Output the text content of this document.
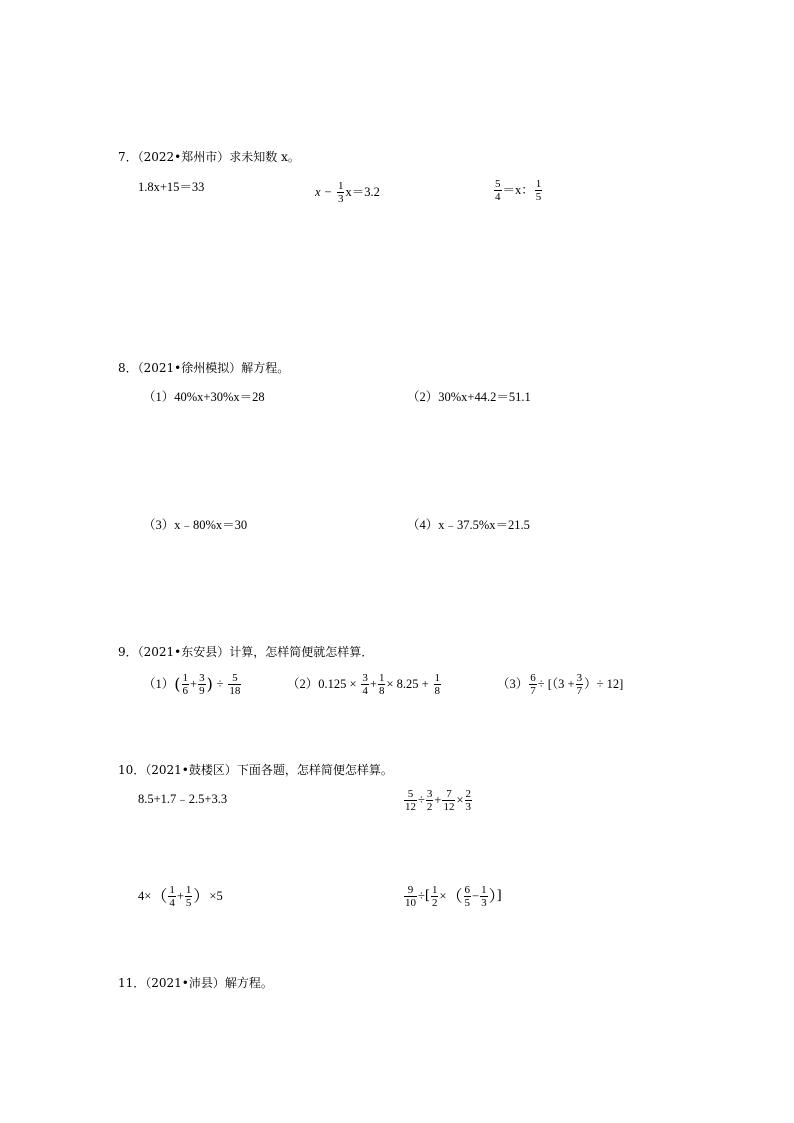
7．（2022•郑州市）求未知数 x。
1.8x+15＝33	$x - \frac{1}{3} x=3.2$	$\frac{5}{4} =x$： $\frac{1}{5}$
8．（2021•徐州模拟）解方程。
（1）40%x+30%x＝28	（2）30%x+44.2＝51.1
（3）x﹣80%x＝30	（4）x﹣37.5%x＝21.5
9．（2021•东安县）计算，怎样简便就怎样算．
$(1)( \frac{1}{6} + \frac{3}{9}$ ) ÷ $\frac{5}{18}$	$(2)0.125 \times \frac{3}{4} + \frac{1}{8} \times 8.25 + \frac{1}{8}$	$(3) \frac{6}{7} \div [(3 + \frac{3}{7}$ ）÷ 12]
10．（2021•鼓楼区）下面各题，怎样简便怎样算。
8.5+1.7﹣2.5+3.3	$\frac{5}{12} \div \frac{3}{2} + \frac{7}{12} \times \frac{2}{3}$
$4\times( \frac{1}{4} + \frac{1}{5} )\times 5$	$\frac{9}{10}$ ÷[ $\frac{1}{2}$ ×（ $\frac{6}{5} - \frac{1}{3}$ ）]
11．（2021•沛县）解方程。
